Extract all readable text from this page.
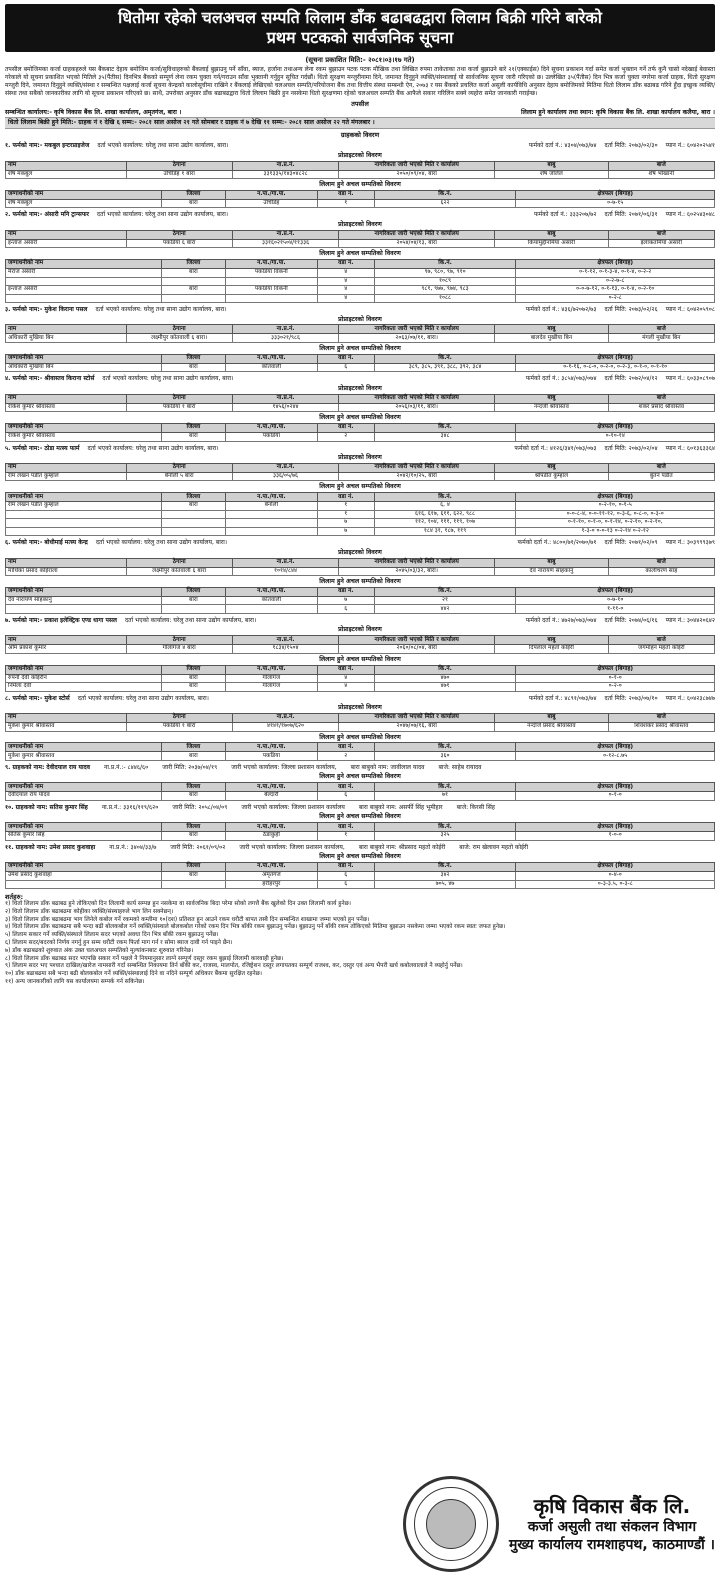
धितोमा रहेको चलअचल सम्पति लिलाम डाँक बढाबढद्वारा लिलाम बिक्री गरिने बारेको
प्रथम पटकको सार्वजनिक सूचना
(सूचना प्रकाशित मिति:- २०८१।०३।१७ गते)
तपसील बमोजिमका कर्जा ग्राहकहरुले यस बैंकबाट देहाय बमोजिम कर्जा/सुविधाहरुको बैंकलाई बुझाउनु पर्ने साँवा, ब्याज, हर्जाना तथाअन्य लेना रकम बुझाउन पटक पटक मौखिक तथा लिखित रुपमा ताकेताका तथा कर्जा बुझाउने बारे २१(एक्काईस) दिने सूचना प्रकाशन गर्दा समेत कर्जा भुक्तान गर्ने तर्फ कुनै चासो नदेखाई बेवास्ता गरेकाले यो सूचना प्रकाशित भएको मितिले ३५(पैंतीस) दिनभित्र बैंकको सम्पूर्ण लेना रकम चुक्ता गर्न/गराउन साँवा भुक्तानी गर्नुहुन सूचित गर्दछौं। धितो सुरक्षण मन्जुरीनामा दिने, जमानत दिनुहुने व्यक्ति/संस्थालाई यो सार्वजनिक सूचना जारी गरिएको छ। उल्लेखित ३५(पैंतीस) दिन भित्र कर्जा चुक्ता नगरेमा कर्जा ग्राहक, धितो सुरक्षण मन्जुरी दिने, जमानत दिनुहुने व्यक्ति/संस्था र सम्बन्धित पक्षलाई कर्जा सूचना केन्द्रको कालोसूचीमा राखिने र बैंकलाई लेखिएको चलअचल सम्पति/परियोजना बैंक तथा वित्तीय संस्था सम्बन्धी ऐन, २०७३ र यस बैंकको प्रचलित कर्जा असुली कार्यविधि अनुसार देहाय बमोजिमको मितिमा धितो लिलाम डाँक बढाबढ गरिने हुँदा इच्छुक व्यक्ति/संस्था तथा सबैको जानकारीका लागि यो सूचना प्रकाशन गरिएको छ। साथै, उपरोक्त अनुसार डाँक बढाबढद्वारा धितो लिलाम बिक्री हुन नसकेमा धितो सुरक्षणमा रहेको चलअचल सम्पति बैंक आफैले सकार गरिलिन सक्ने व्यहोरा समेत जानकारी गराईन्छ।
तपसील
सम्बन्धित कार्यालय:- कृषि विकास बैंक लि. शाखा कार्यालय, अमृतगंज, बारा ।	लिलाम हुने कार्यालय तथा स्थान: कृषि विकास बैंक लि. शाखा कार्यालय कलैया, बारा ।
धितो लिलाम बिक्री हुने मिति:- ग्राहक नं १ देखि ६ सम्म:- २०८१ साल असोज २१ गते सोमबार र ग्राहक नं ७ देखि ११ सम्म:- २०८१ साल असोज २२ गते मंगलबार ।
ग्राहकको विवरण
१. फर्मको नाम:- मकबुल इन्टरप्राइजेज दर्ता भएको कार्यालय: घरेलु तथा साना उद्योग कार्यालय, बारा।	फर्मको दर्ता नं.: ४३०४/०७३/७४ दर्ता मिति: २०७३/०२/३० प्यान नं.: ६०४२०२५४१
प्रोप्राइटरको विवरण
नाम	ठेगाना	ना.प्र.नं.	नागरिकता जारी भएको मिति र कार्यालय	बाबु	बाजे
शेष मकबुल	उचिडिह १ बारा	३३१३३५/१४३०४८२८	२०५०/०९/०४, बारा	शेष जलिल	शेष भोखानी
लिलाम हुने अचल सम्पतिको विवरण
जग्गाधनीको नाम	जिल्ला	न.पा./गा.पा.	वडा नं.	कि.नं.	क्षेत्रफल (बिगाह)
शेष मकबुल	बारा	उचिडिह	१	६२२	०-७-१५
२. फर्मको नाम:- अंसारी मनि ट्रान्सफर दर्ता भएको कार्यालय: घरेलु तथा साना उद्योग कार्यालय, बारा।	फर्मको दर्ता नं.: ३३३२०७/७२ दर्ता मिति: २०७१/०६/३१ प्यान नं.: ६०२५४३०४८
प्रोप्राइटरको विवरण
नाम	ठेगाना	ना.प्र.नं.	नागरिकता जारी भएको मिति र कार्यालय	बाबु	बाजे
इन्ताज अंसारी	पकडिया ६ बारा	३३१६०२१५०४/११३३६	२०५४/०४/१३, बारा	कियामुद्दीनमिया अंसारी	इलाकतमिया अंसारी
लिलाम हुने अचल सम्पतिको विवरण
जग्गाधनीको नाम	जिल्ला	न.पा./गा.पा.	वडा नं.	कि.नं.	क्षेत्रफल (बिगाह)
मेराज अंसारी	बारा	पकडिया विकनी	४	९७, ९८०, ९७, ९१०	०-१-१२, ०-१-३-४, ०-१-४, ०-२-२
			४	१०८९	०-२-७-८
इन्ताज अंसारी	बारा	पकडिया विकनी	४	९८१, ९७७, ९७४, ९८३	०-०-७-१२, ०-१-१३, ०-१-४, ०-२-१०
			४	१०८८	०-२-८
३. फर्मको नाम:- मुकेश किराना पसल दर्ता भएको कार्यालय: घरेलु तथा साना उद्योग कार्यालय, बारा।	फर्मको दर्ता नं.: ४३६/७२०७२/७३ दर्ता मिति: २०७३/०२/२६ प्यान नं.: ६०४२०५९०८
प्रोप्राइटरको विवरण
नाम	ठेगाना	ना.प्र.नं.	नागरिकता जारी भएको मिति र कार्यालय	बाबु	बाजे
अधिकारी मुखिया बिन	लक्ष्मीपुर कोतवाली ६ बारा।	३३३०२१/९८६	२०६३/०७/११, बारा।	बालदेव मुखीया बिन	मंगली मुखीया बिन
लिलाम हुने अचल सम्पतिको विवरण
जग्गाधनीको नाम	जिल्ला	न.पा./गा.पा.	वडा नं.	कि.नं.	क्षेत्रफल (बिगाह)
अधिकारी मुखिया बिन	बारा	कोतवाली	६	३८९, ३८५, ३९१, ३८८, ३९२, ३८४	०-१-१६, ०-८-०, ०-२-०, ०-२-३, ०-१-०, ०-१-१०
४. फर्मको नाम:- श्रीवास्तव किराना स्टोर्स दर्ता भएको कार्यालय: घरेलु तथा साना उद्योग कार्यालय, बारा।	फर्मको दर्ता नं.: ३८५४/०७३/०७४ दर्ता मिति: २०७२/०४/१२ प्यान नं.: ६०३३०८९०७
प्रोप्राइटरको विवरण
नाम	ठेगाना	ना.प्र.नं.	नागरिकता जारी भएको मिति र कार्यालय	बाबु	बाजे
राकेश कुमार श्रीवास्तव	पकडिया १ बारा	१४५६/०२४४	२०५६/०३/११, बारा।	नन्दजी श्रीवास्तव	शंकर प्रसाद श्रीवास्तव
लिलाम हुने अचल सम्पतिको विवरण
जग्गाधनीको नाम	जिल्ला	न.पा./गा.पा.	वडा नं.	कि.नं.	क्षेत्रफल (बिगाह)
राकेश कुमार श्रीवास्तव	बारा	पकडिया	२	३४८	०-१०-१४
५. फर्मको नाम:- ठोडा मत्स्य फार्म दर्ता भएको कार्यालय: घरेलु तथा साना उद्योग कार्यालय, बारा।	फर्मको दर्ता नं.: ४१२६/३४१/०७३/०७३ दर्ता मिति: २०७३/०२/०४ प्यान नं.: ६०१३६३३६४
प्रोप्राइटरको विवरण
नाम	ठेगाना	ना.प्र.नं.	नागरिकता जारी भएको मिति र कार्यालय	बाबु	बाजे
राम लखन पंडीत कुम्हाल	बेनौली ५ बारा	३३६/०५/७६	२०४२/१०/२५, बारा	श्रीपंडीत कुम्हाल	बुतन पंडीत
लिलाम हुने अचल सम्पतिको विवरण
जग्गाधनीको नाम	जिल्ला	न.पा./गा.पा.	वडा नं.	कि.नं.	क्षेत्रफल (बिगाह)
राम लखन पंडीत कुम्हाल	बारा	बेनौली	१	६, ४	०-२-१०, ०-१-५
			१	६१६, ६१७, ६११, ६२२, ९८८	०-०-८-४, ०-०-११-१२, ०-३-६, ०-८-०, ०-३-०
			७	११२, १०४, १११, ११९, १०७	०-१-१०, ०-१-०, ०-१-१४, ०-२-१०, ०-२-१०,
			७	१८४ ३१, १८७, ११९	१-३-० ०-०-१३ ०-२-१४ ०-२-१२
६. फर्मको नाम:- बोधीमाई मत्स्य केन्द्र दर्ता भएको कार्यालय: घरेलु तथा साना उद्योग कार्यालय, बारा।	फर्मको दर्ता नं.: ४८००/७१/२०७०/७१ दर्ता मिति: २०७१/०२/०९ प्यान नं.: ३०३९९९३७९
प्रोप्राइटरको विवरण
नाम	ठेगाना	ना.प्र.नं.	नागरिकता जारी भएको मिति र कार्यालय	बाबु	बाजे
माधिका प्रसाद कोईराला	लक्ष्मीपुर कोतवाली ६ बारा	१०१४/८४४	२०४५/०३/३२, बारा।	देव नारायण साहकानु	कालीचरण साह
लिलाम हुने अचल सम्पतिको विवरण
जग्गाधनीको नाम	जिल्ला	न.पा./गा.पा.	वडा नं.	कि.नं.	क्षेत्रफल (बिगाह)
देव नारायण साहकानु	बारा	कोतवाली	७	२१	०-७-१०
			६	४४२	१-११-०
७. फर्मको नाम:- प्रकाश इलेक्ट्रिक एण्ड धागा पसल दर्ता भएको कार्यालय: घरेलु तथा साना उद्योग कार्यालय, बारा।	फर्मको दर्ता नं.: ४७२७/०७३/०७४ दर्ता मिति: २०७४/०६/१६ प्यान नं.: ३०४४२०६४२
प्रोप्राइटरको विवरण
नाम	ठेगाना	ना.प्र.नं.	नागरिकता जारी भएको मिति र कार्यालय	बाबु	बाजे
ओम प्रकाश कुमार	गोलागंज ४ बारा	१८३४/१५०४	२०६०/०८/०४, बारा	दिपलाल महतो कोईरी	जगमोहन महतो कोईरी
लिलाम हुने अचल सम्पतिको विवरण
जग्गाधनीको नाम	जिल्ला	न.पा./गा.पा.	वडा नं.	कि.नं.	क्षेत्रफल (बिगाह)
रुपनी देवी कोईरीन	बारा	गोलागंज	४	४७०	०-१-०
निर्मला देवी	बारा	गोलागंज	४	४७१	०-२-०
८. फर्मको नाम:- मुकेश स्टोर्स दर्ता भएको कार्यालय: घरेलु तथा साना उद्योग कार्यालय, बारा।	फर्मको दर्ता नं.: ४८९१/०७३/७४ दर्ता मिति: २०७३/०७/१० प्यान नं.: ६०४२३८७४७
प्रोप्राइटरको विवरण
नाम	ठेगाना	ना.प्र.नं.	नागरिकता जारी भएको मिति र कार्यालय	बाबु	बाजे
मुकेश कुमार श्रीवास्तव	पकडिया १ बारा	४१४१/१७०७/६२०	२०४७/०७/१६, बारा	नन्दजि प्रसाद श्रीवास्तव	शिवशंकर प्रसाद श्रीवास्तव
लिलाम हुने अचल सम्पतिको विवरण
जग्गाधनीको नाम	जिल्ला	न.पा./गा.पा.	वडा नं.	कि.नं.	क्षेत्रफल (बिगाह)
मुकेश कुमार श्रीवास्तव	बारा	पकडिया	२	३६०	०-१२-८.७५
९. ग्राहकको नाम: देवीदयाल राय यादव ना.प्र.नं.:- ८४४६/६० जारी मिति: २०३७/०४/१९ जारी भएको कार्यालय: जिल्ला प्रशासन कार्यालय, बारा बाबुको नाम: जावीलाल यादव बाजे: साहेब रायादव
लिलाम हुने अचल सम्पतिको विवरण
जग्गाधनीको नाम	जिल्ला	न.पा./गा.पा.	वडा नं.	कि.नं.	क्षेत्रफल (बिगाह)
देवीदयाल राय यादव	बारा	बेल्दारी	६	७१	०-१-०
१०. ग्राहकको नाम: सतिस कुमार सिंह ना.प्र.नं.: ३३१६/११९/६२० जारी मिति: २०५८/०४/०९ जारी भएको कार्यालय: जिल्ला प्रशासन कार्यालय बारा बाबुको नाम: असर्फी सिंह भूमीहार बाजे: किरसी सिंह
लिलाम हुने अचल सम्पतिको विवरण
जग्गाधनीको नाम	जिल्ला	न.पा./गा.पा.	वडा नं.	कि.नं.	क्षेत्रफल (बिगाह)
सतिस कुमार सिंह	बारा	ठेडाकुही	१	३२५	१-०-०
११. ग्राहकको नाम: उमेश प्रसाद कुशवाहा ना.प्र.नं.: ३४०४/३३/७ जारी मिति: २०६१/०९/०२ जारी भएको कार्यालय: जिल्ला प्रशासन कार्यालय, बारा बाबुको नाम: श्रीप्रसाद महतो कोईरी बाजे: राम खेलावन महतो कोईरी
लिलाम हुने अचल सम्पतिको विवरण
जग्गाधनीको नाम	जिल्ला	न.पा./गा.पा.	वडा नं.	कि.नं.	क्षेत्रफल (बिगाह)
उमेश प्रसाद कुशवाहा	बारा	अमृतगंज	६	३४२	०-४-०
		हरीहरपुर	६	७०५, ४७	०-३-३.५, ०-३-८
शर्तहरु:
१) धितो लिलाम डाँक बढाबढ हुने तोकिएको दिन लिलामी कार्य सम्पन्न हुन नसकेमा वा सार्वजनिक बिदा परेमा सोको लगत्तै बैंक खुलेको दिन उक्त लिलामी कार्य हुनेछ।
२) धितो लिलाम डाँक बढाबढमा कोहीका व्यक्ति/संस्थाहरुले भाग लिन सक्नेछन्।
३) धितो लिलाम डाँक बढाबढमा भाग लिनेले कबोल गर्ने रकमको कम्तीमा १०(दश) प्रतिशत हुन आउने रकम धरौटी बापत तस्वै दिन सम्बन्धित शाखामा जम्मा भएको हुन पर्नेछ।
४) धितो लिलाम डाँक बढाबढमा सबै भन्दा बढी बोलकबोल गर्ने व्यक्ति/संस्थाले बोलकबोल गरेको रकम दिन भित्र बाँकी रकम बुझाउनु पर्नेछ। बुझाउनु पर्ने बाँकी रकम तोकिएको मितिमा बुझाउन नसकेमा जम्मा भएको रकम स्वतः जफत हुनेछ।
५) लिलाम सकार गर्ने व्यक्ति/संस्थाले लिलाम सदर भएको अवधा दिन भित्र बाँकी रकम बुझाउनु पर्नेछ।
६) लिलाम सदर/बदरको निर्णय नगर्नु हुन सम्म धरौटी रकम फिर्ता माग गर्न र सोमा ब्याज दावी गर्न पाइने छैन।
७) डाँक बढाबढको शुरुवात अंक उक्त चलअचल सम्पतिको मूल्यांकनबाट शुरुवात गरिनेछ।
८) धितो लिलाम डाँक बढाबढ सदर भएपछि सकार गर्ने पक्षले नै नियमानुसार लाग्ने सम्पूर्ण दस्तुर रकम बुझाई लिलामी कारवाही हुनेछ।
९) लिलाम सदर भए पश्चात दाखिल/खारेज नामसारी गर्दा सम्बन्धित निकायमा तिर्न बाँकी कर, राजस्व, मालपोत, रजिष्ट्रेशन दस्तुर लगायतका सम्पूर्ण राजश्व, कर, दस्तुर एवं अन्य भैपरी खर्च कबोलवालाले नै व्यहोर्नु पर्नेछ।
१०) डाँक बढाबढमा सबै भन्दा बढी बोलकबोल गर्ने व्यक्ति/संस्थालाई दिने वा नदिने सम्पूर्ण अधिकार बैंकमा सुरक्षित रहनेछ।
११) अन्य जानकारीको लागि यस कार्यालयमा सम्पर्क गर्न सकिनेछ।
कृषि विकास बैंक लि.
कर्जा असुली तथा संकलन विभाग
मुख्य कार्यालय रामशाहपथ, काठमाण्डौं ।
